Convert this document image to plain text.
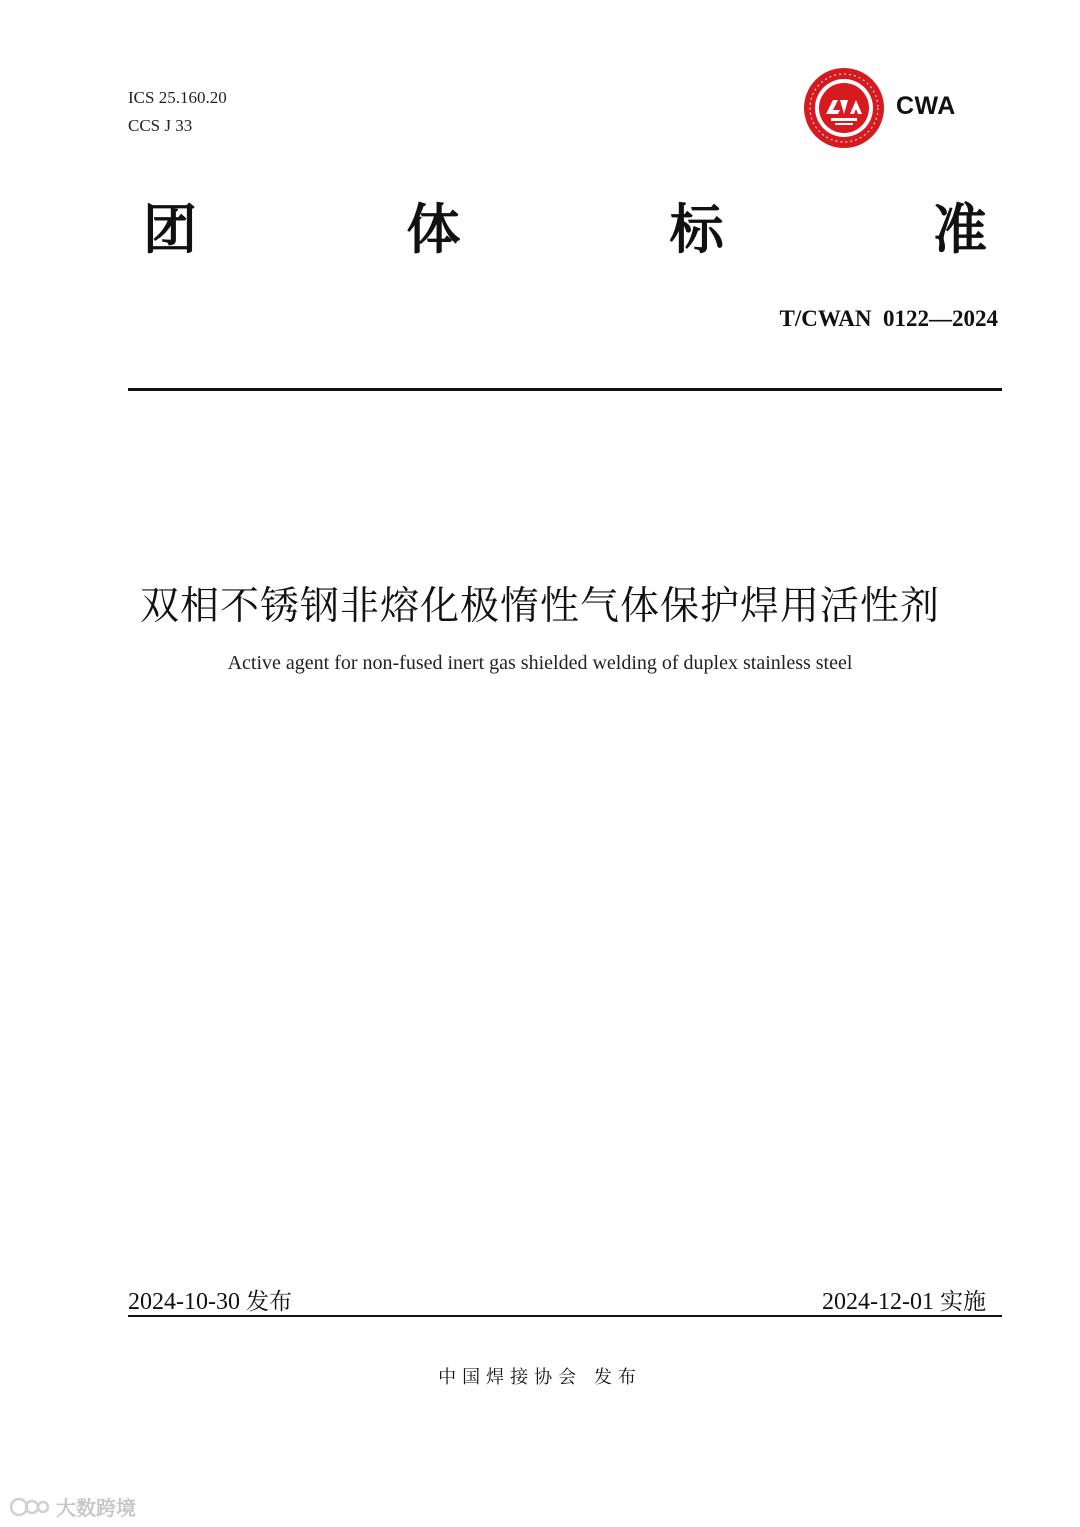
ICS 25.160.20
CCS J 33
CWA
团	体	标	准
T/CWAN  0122—2024
双相不锈钢非熔化极惰性气体保护焊用活性剂
Active agent for non-fused inert gas shielded welding of duplex stainless steel
2024-10-30 发布	2024-12-01 实施
中国焊接协会 发布
大数跨境
